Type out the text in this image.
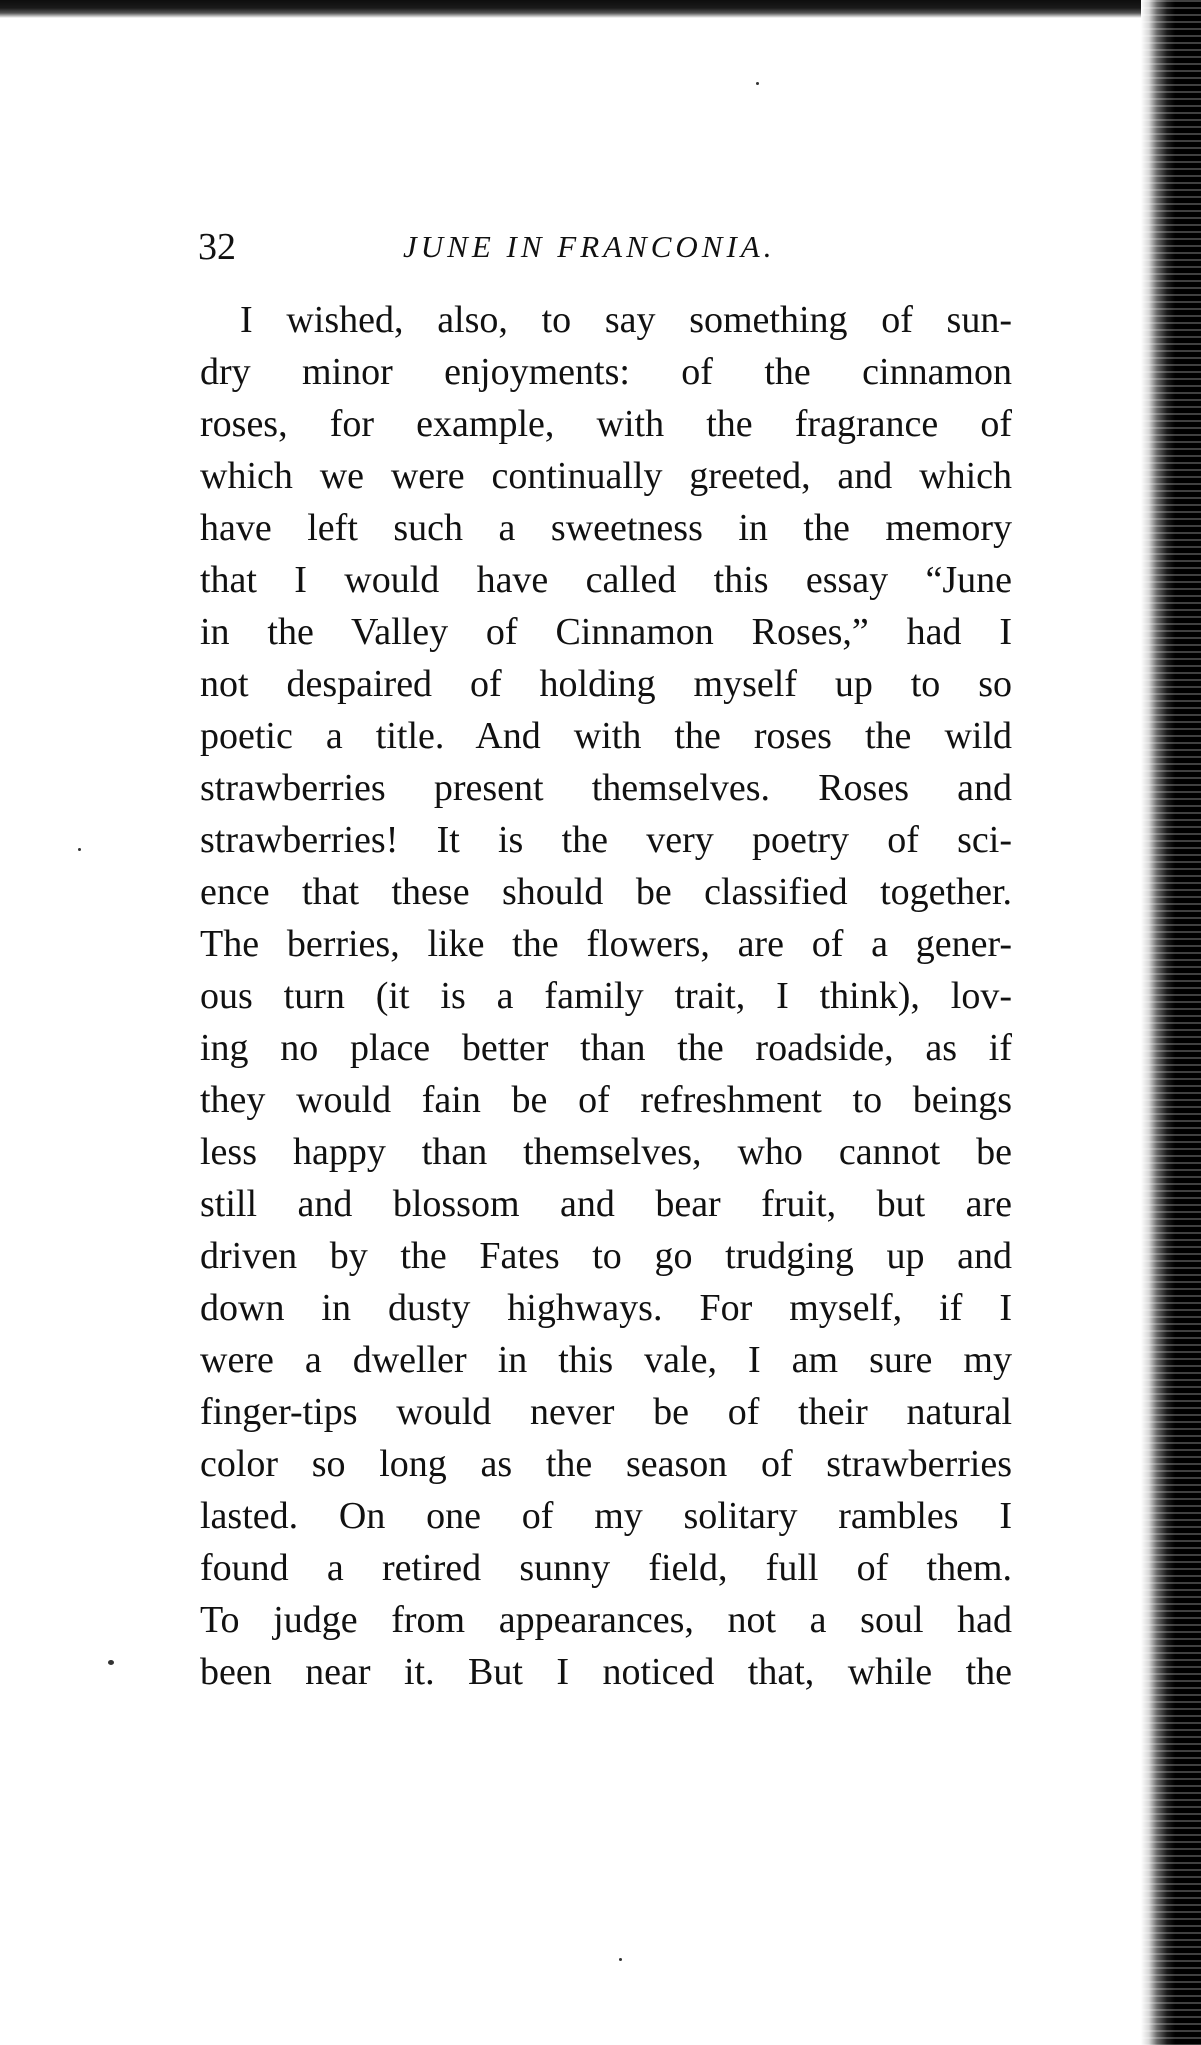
32	JUNE IN FRANCONIA.
I wished, also, to say something of sun-
dry minor enjoyments: of the cinnamon
roses, for example, with the fragrance of
which we were continually greeted, and which
have left such a sweetness in the memory
that I would have called this essay “June
in the Valley of Cinnamon Roses,” had I
not despaired of holding myself up to so
poetic a title. And with the roses the wild
strawberries present themselves. Roses and
strawberries! It is the very poetry of sci-
ence that these should be classified together.
The berries, like the flowers, are of a gener-
ous turn (it is a family trait, I think), lov-
ing no place better than the roadside, as if
they would fain be of refreshment to beings
less happy than themselves, who cannot be
still and blossom and bear fruit, but are
driven by the Fates to go trudging up and
down in dusty highways. For myself, if I
were a dweller in this vale, I am sure my
finger-tips would never be of their natural
color so long as the season of strawberries
lasted. On one of my solitary rambles I
found a retired sunny field, full of them.
To judge from appearances, not a soul had
been near it. But I noticed that, while the
